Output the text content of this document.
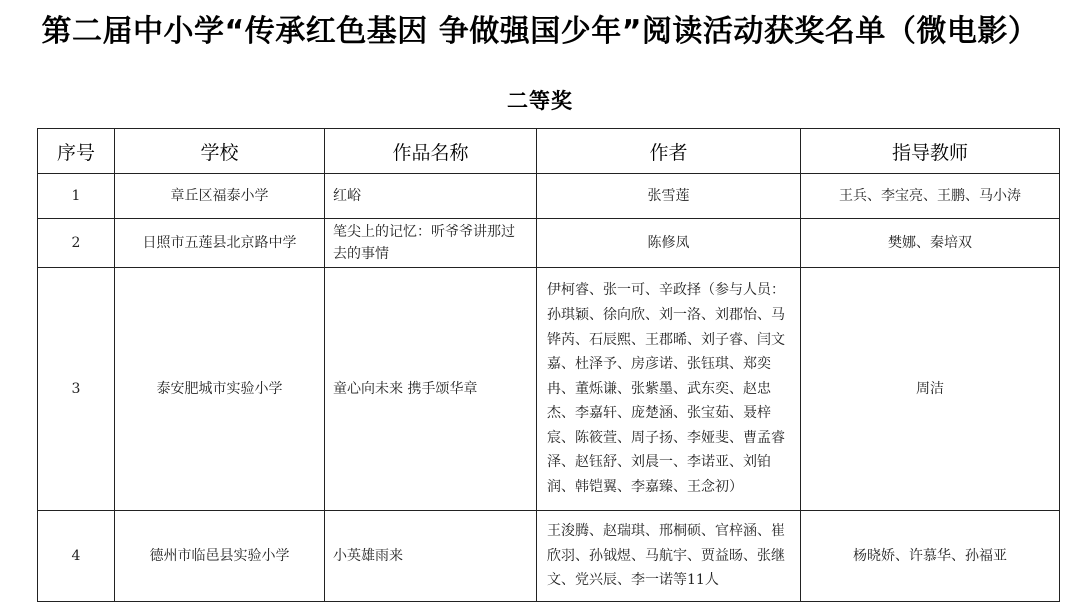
第二届中小学“传承红色基因 争做强国少年”阅读活动获奖名单（微电影）
二等奖
序号	学校	作品名称	作者	指导教师
1	章丘区福泰小学	红峪	张雪莲	王兵、李宝亮、王鹏、马小涛
2	日照市五莲县北京路中学	笔尖上的记忆：听爷爷讲那过去的事情	陈修凤	樊娜、秦培双
3	泰安肥城市实验小学	童心向未来 携手颂华章	伊柯睿、张一可、辛政择（参与人员：孙琪颖、徐向欣、刘一洛、刘郡怡、马铧芮、石辰熙、王郡晞、刘子睿、闫文嘉、杜泽予、房彦诺、张钰琪、郑奕冉、董烁谦、张紫墨、武东奕、赵忠杰、李嘉轩、庞楚涵、张宝茹、聂梓宸、陈筱萱、周子扬、李娅斐、曹孟睿泽、赵钰舒、刘晨一、李诺亚、刘铂润、韩铠翼、李嘉臻、王念初）	周洁
4	德州市临邑县实验小学	小英雄雨来	王浚腾、赵瑞琪、邢桐硕、官梓涵、崔欣羽、孙钺煜、马航宇、贾益旸、张继文、党兴辰、李一诺等11人	杨晓娇、许慕华、孙福亚
